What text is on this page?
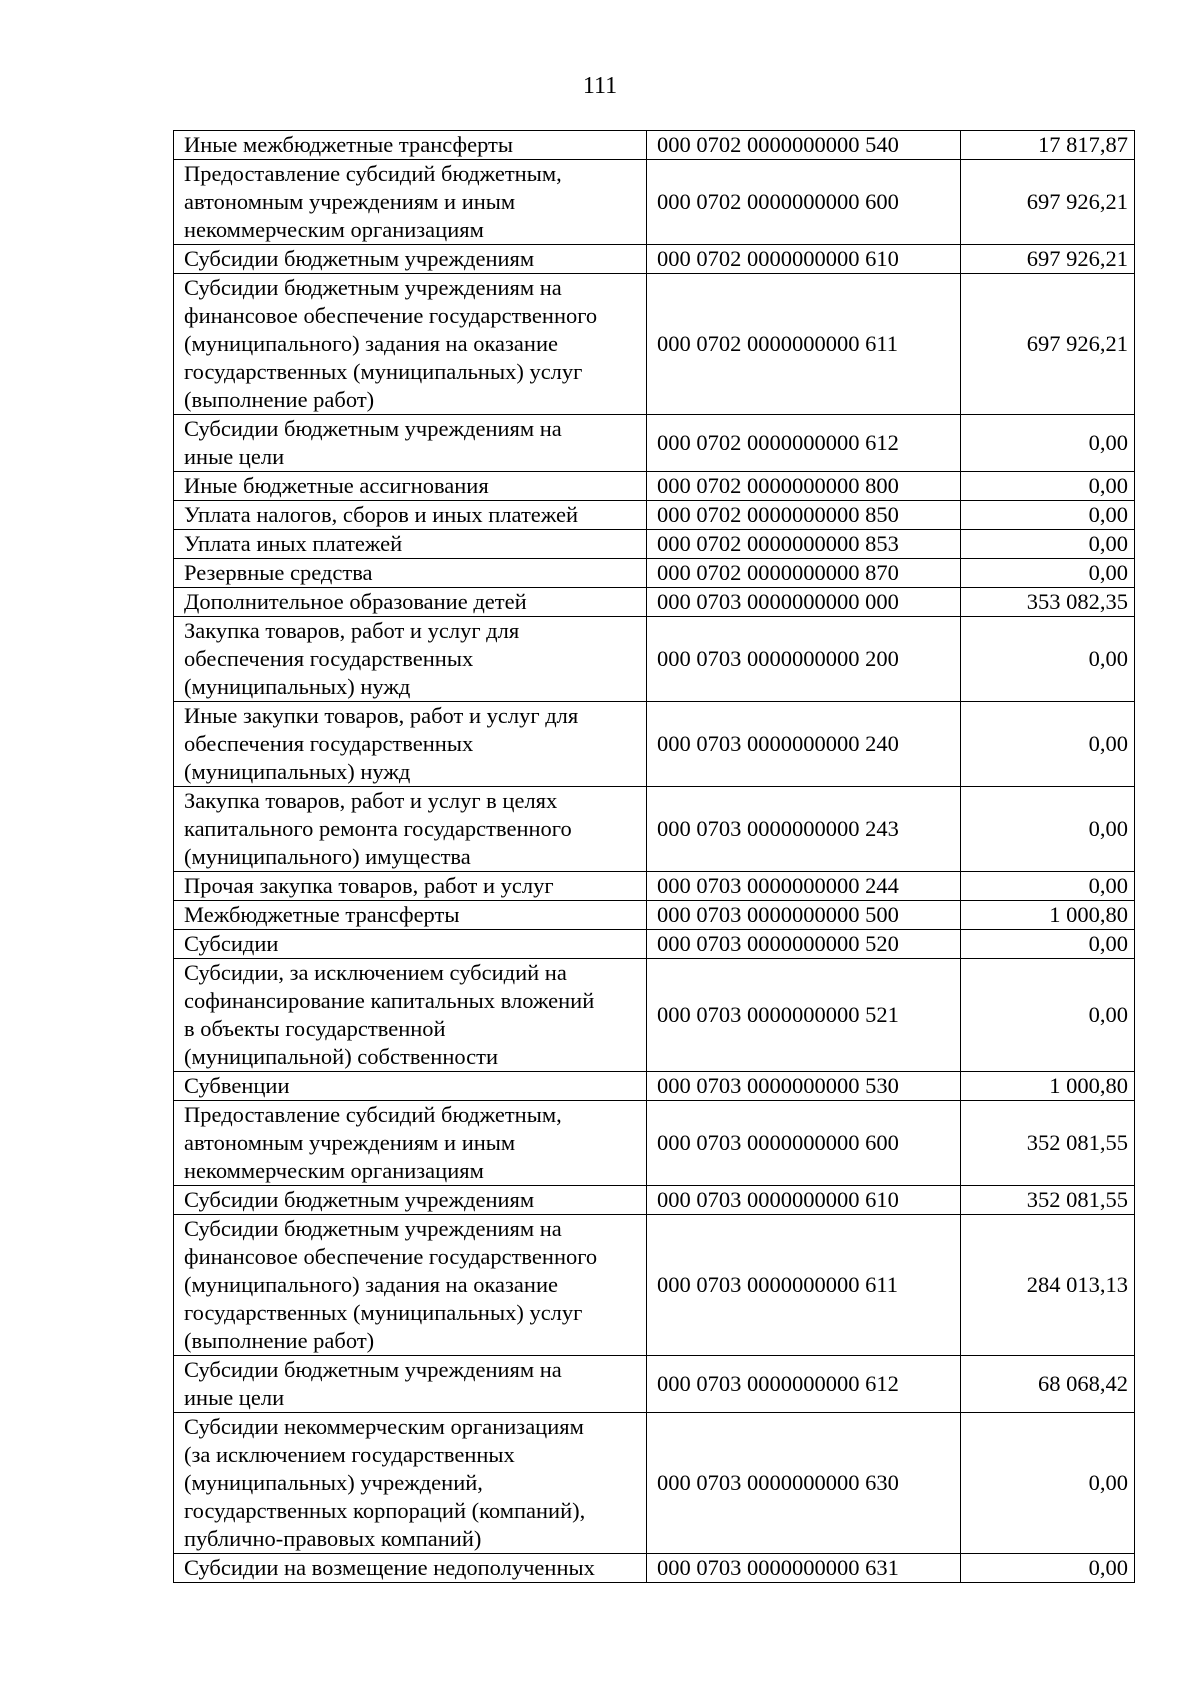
111
Иные межбюджетные трансферты	000 0702 0000000000 540	17 817,87
Предоставление субсидий бюджетным,
автономным учреждениям и иным
некоммерческим организациям	000 0702 0000000000 600	697 926,21
Субсидии бюджетным учреждениям	000 0702 0000000000 610	697 926,21
Субсидии бюджетным учреждениям на
финансовое обеспечение государственного
(муниципального) задания на оказание
государственных (муниципальных) услуг
(выполнение работ)	000 0702 0000000000 611	697 926,21
Субсидии бюджетным учреждениям на
иные цели	000 0702 0000000000 612	0,00
Иные бюджетные ассигнования	000 0702 0000000000 800	0,00
Уплата налогов, сборов и иных платежей	000 0702 0000000000 850	0,00
Уплата иных платежей	000 0702 0000000000 853	0,00
Резервные средства	000 0702 0000000000 870	0,00
Дополнительное образование детей	000 0703 0000000000 000	353 082,35
Закупка товаров, работ и услуг для
обеспечения государственных
(муниципальных) нужд	000 0703 0000000000 200	0,00
Иные закупки товаров, работ и услуг для
обеспечения государственных
(муниципальных) нужд	000 0703 0000000000 240	0,00
Закупка товаров, работ и услуг в целях
капитального ремонта государственного
(муниципального) имущества	000 0703 0000000000 243	0,00
Прочая закупка товаров, работ и услуг	000 0703 0000000000 244	0,00
Межбюджетные трансферты	000 0703 0000000000 500	1 000,80
Субсидии	000 0703 0000000000 520	0,00
Субсидии, за исключением субсидий на
софинансирование капитальных вложений
в объекты государственной
(муниципальной) собственности	000 0703 0000000000 521	0,00
Субвенции	000 0703 0000000000 530	1 000,80
Предоставление субсидий бюджетным,
автономным учреждениям и иным
некоммерческим организациям	000 0703 0000000000 600	352 081,55
Субсидии бюджетным учреждениям	000 0703 0000000000 610	352 081,55
Субсидии бюджетным учреждениям на
финансовое обеспечение государственного
(муниципального) задания на оказание
государственных (муниципальных) услуг
(выполнение работ)	000 0703 0000000000 611	284 013,13
Субсидии бюджетным учреждениям на
иные цели	000 0703 0000000000 612	68 068,42
Субсидии некоммерческим организациям
(за исключением государственных
(муниципальных) учреждений,
государственных корпораций (компаний),
публично-правовых компаний)	000 0703 0000000000 630	0,00
Субсидии на возмещение недополученных	000 0703 0000000000 631	0,00
